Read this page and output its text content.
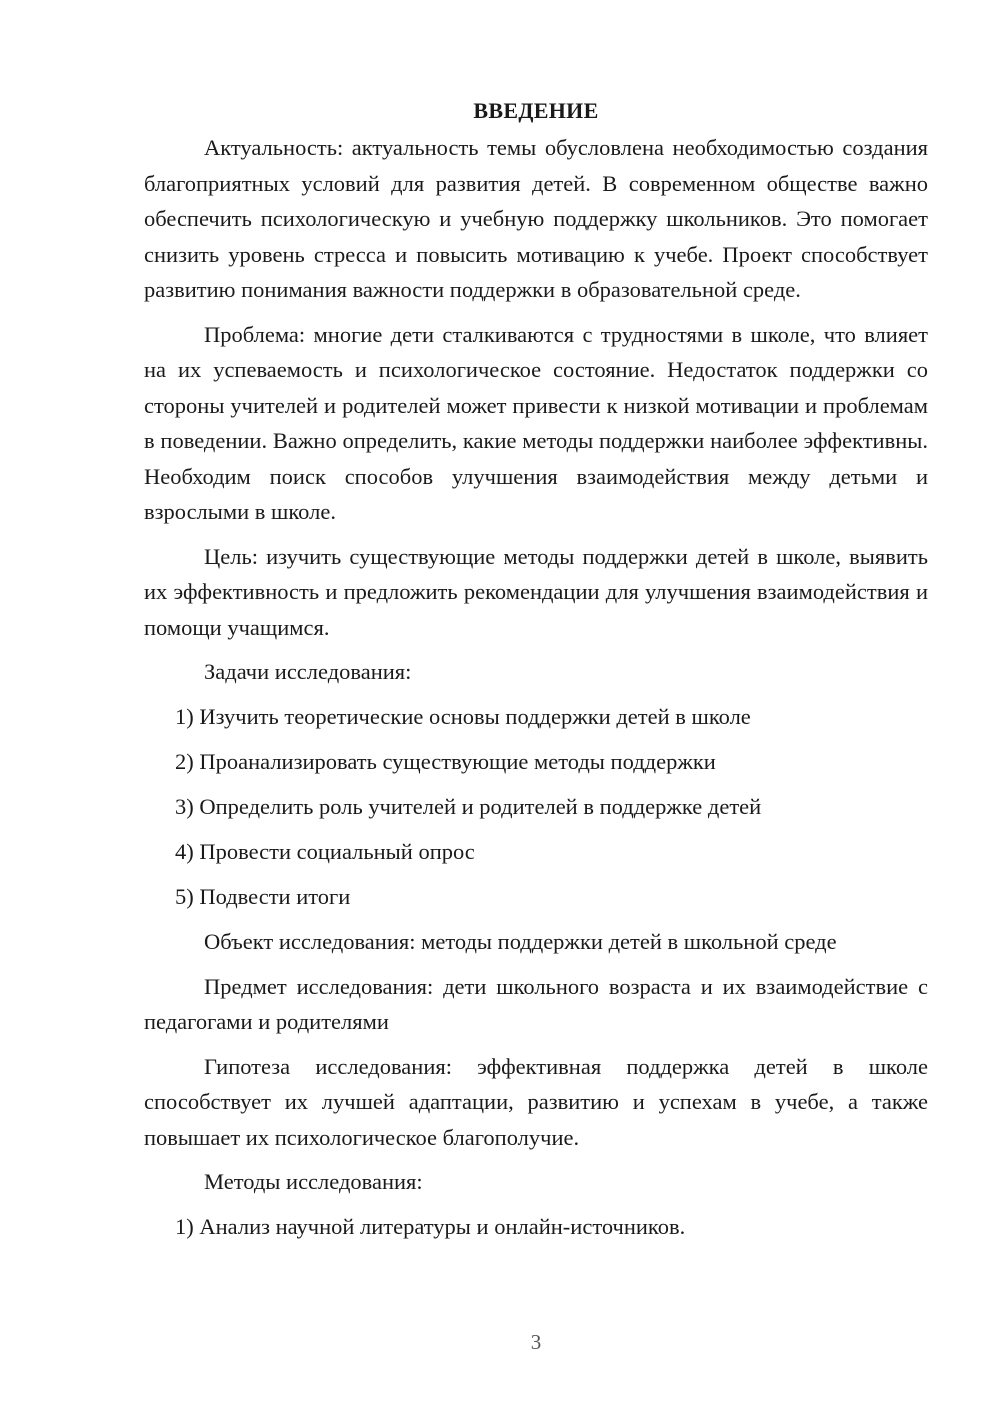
ВВЕДЕНИЕ

Актуальность: актуальность темы обусловлена необходимостью создания благоприятных условий для развития детей. В современном обществе важно обеспечить психологическую и учебную поддержку школьников. Это помогает снизить уровень стресса и повысить мотивацию к учебе. Проект способствует развитию понимания важности поддержки в образовательной среде.

Проблема: многие дети сталкиваются с трудностями в школе, что влияет на их успеваемость и психологическое состояние. Недостаток поддержки со стороны учителей и родителей может привести к низкой мотивации и проблемам в поведении. Важно определить, какие методы поддержки наиболее эффективны. Необходим поиск способов улучшения взаимодействия между детьми и взрослыми в школе.

Цель: изучить существующие методы поддержки детей в школе, выявить их эффективность и предложить рекомендации для улучшения взаимодействия и помощи учащимся.

Задачи исследования:

1) Изучить теоретические основы поддержки детей в школе

2) Проанализировать существующие методы поддержки

3) Определить роль учителей и родителей в поддержке детей

4) Провести социальный опрос

5) Подвести итоги

Объект исследования: методы поддержки детей в школьной среде

Предмет исследования: дети школьного возраста и их взаимодействие с педагогами и родителями

Гипотеза исследования: эффективная поддержка детей в школе способствует их лучшей адаптации, развитию и успехам в учебе, а также повышает их психологическое благополучие.

Методы исследования:

1) Анализ научной литературы и онлайн-источников.

3
